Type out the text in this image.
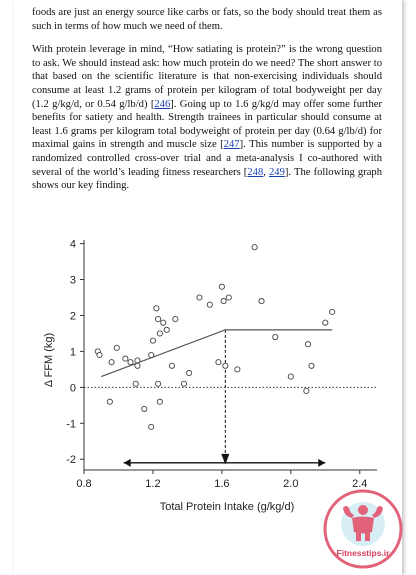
foods are just an energy source like carbs or fats, so the body should treat them as such in terms of how much we need of them.

With protein leverage in mind, “How satiating is protein?” is the wrong question to ask. We should instead ask: how much protein do we need? The short answer to that based on the scientific literature is that non-exercising individuals should consume at least 1.2 grams of protein per kilogram of total bodyweight per day (1.2 g/kg/d, or 0.54 g/lb/d) [246]. Going up to 1.6 g/kg/d may offer some further benefits for satiety and health. Strength trainees in particular should consume at least 1.6 grams per kilogram total bodyweight of protein per day (0.64 g/lb/d) for maximal gains in strength and muscle size [247]. This number is supported by a randomized controlled cross-over trial and a meta-analysis I co-authored with several of the world’s leading fitness researchers [248, 249]. The following graph shows our key finding.

-2
-1
0
1
2
3
4
0.8	1.2	1.6	2.0	2.4
Δ FFM (kg)
Total Protein Intake (g/kg/d)
Fitnesstips.ir
